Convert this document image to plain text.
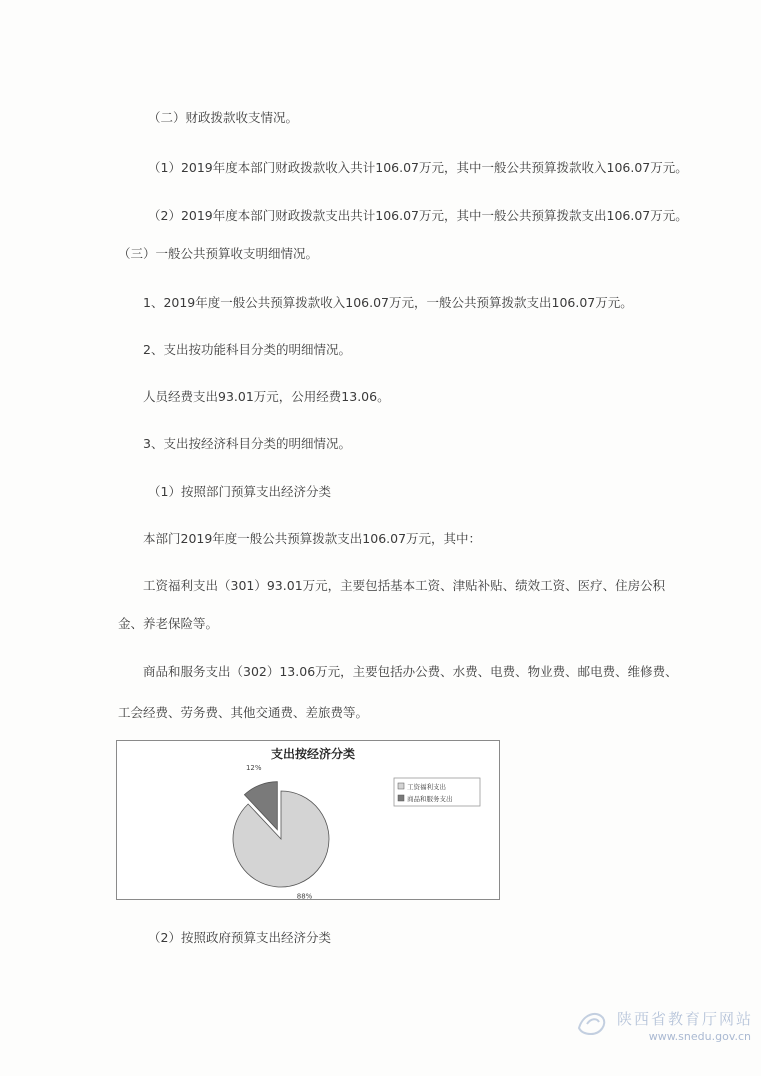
（二）财政拨款收支情况。
（1）2019年度本部门财政拨款收入共计106.07万元，其中一般公共预算拨款收入106.07万元。
（2）2019年度本部门财政拨款支出共计106.07万元，其中一般公共预算拨款支出106.07万元。
（三）一般公共预算收支明细情况。
1、2019年度一般公共预算拨款收入106.07万元，一般公共预算拨款支出106.07万元。
2、支出按功能科目分类的明细情况。
人员经费支出93.01万元，公用经费13.06。
3、支出按经济科目分类的明细情况。
（1）按照部门预算支出经济分类
本部门2019年度一般公共预算拨款支出106.07万元，其中：
工资福利支出（301）93.01万元，主要包括基本工资、津贴补贴、绩效工资、医疗、住房公积
金、养老保险等。
商品和服务支出（302）13.06万元，主要包括办公费、水费、电费、物业费、邮电费、维修费、
工会经费、劳务费、其他交通费、差旅费等。
支出按经济分类
88%
12%
工资福利支出
商品和服务支出
（2）按照政府预算支出经济分类
陕西省教育厅网站
www.snedu.gov.cn
